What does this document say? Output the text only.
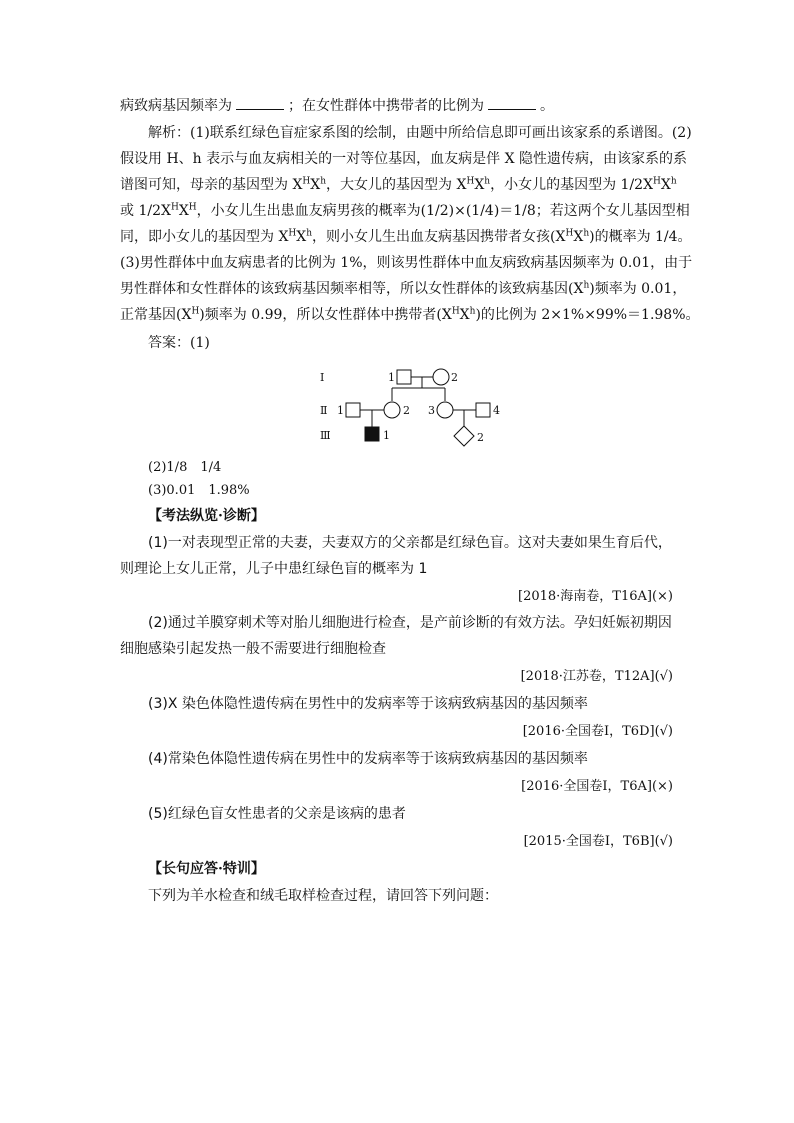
病致病基因频率为	；在女性群体中携带者的比例为	。
解析：(1)联系红绿色盲症家系图的绘制，由题中所给信息即可画出该家系的系谱图。(2)
假设用 H、h 表示与血友病相关的一对等位基因，血友病是伴 X 隐性遗传病，由该家系的系
谱图可知，母亲的基因型为 $X^HX^h$，大女儿的基因型为 $X^HX^h$，小女儿的基因型为 $1/2X^HX^h$
或 $1/2X^HX^H$，小女儿生出患血友病男孩的概率为(1/2)×(1/4)＝1/8；若这两个女儿基因型相
同，即小女儿的基因型为 $X^HX^h$，则小女儿生出血友病基因携带者女孩$(X^HX^h)$的概率为 1/4。
(3)男性群体中血友病患者的比例为 1%，则该男性群体中血友病致病基因频率为 0.01，由于
男性群体和女性群体的该致病基因频率相等，所以女性群体的该致病基因$(X^h)$频率为 0.01，
正常基因$(X^H)$频率为 0.99，所以女性群体中携带者$(X^HX^h)$的比例为 2×1%×99%＝1.98%。
答案：(1)
Ⅰ
Ⅱ
Ⅲ
1	2
1	2 3	4
1	2
(2)1/8　1/4
(3)0.01　1.98%
【考法纵览·诊断】
(1)一对表现型正常的夫妻，夫妻双方的父亲都是红绿色盲。这对夫妻如果生育后代，
则理论上女儿正常，儿子中患红绿色盲的概率为 1
[2018·海南卷，T16A](×)
(2)通过羊膜穿刺术等对胎儿细胞进行检查，是产前诊断的有效方法。孕妇妊娠初期因
细胞感染引起发热一般不需要进行细胞检查
[2018·江苏卷，T12A](√)
(3)X 染色体隐性遗传病在男性中的发病率等于该病致病基因的基因频率
[2016·全国卷Ⅰ，T6D](√)
(4)常染色体隐性遗传病在男性中的发病率等于该病致病基因的基因频率
[2016·全国卷Ⅰ，T6A](×)
(5)红绿色盲女性患者的父亲是该病的患者
[2015·全国卷Ⅰ，T6B](√)
【长句应答·特训】
下列为羊水检查和绒毛取样检查过程，请回答下列问题：
